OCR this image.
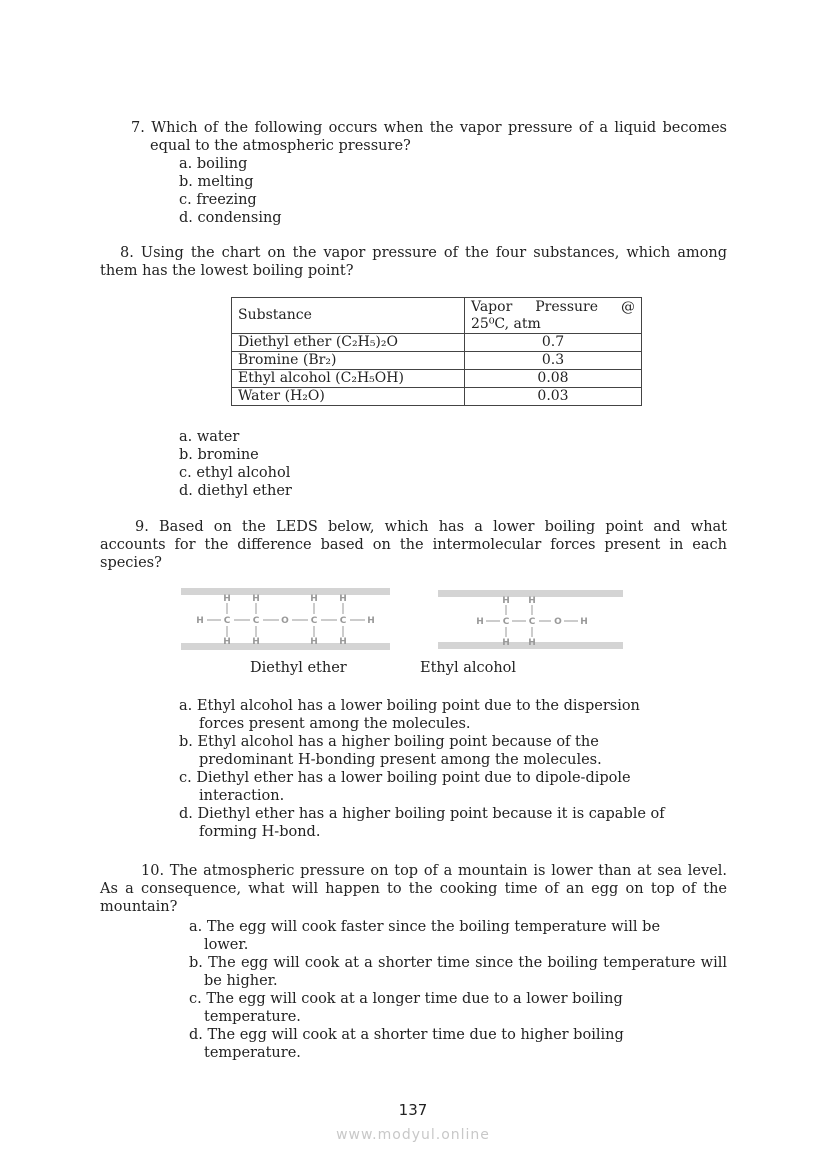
7. Which of the following occurs when the vapor pressure of a liquid becomes
equal to the atmospheric pressure?
a. boiling
b. melting
c. freezing
d. condensing
8. Using the chart on the vapor pressure of the four substances, which among
them has the lowest boiling point?
Substance	Vapor Pressure @
25⁰C, atm

Diethyl ether (C₂H₅)₂O	0.7
Bromine (Br₂)	0.3
Ethyl alcohol (C₂H₅OH)	0.08
Water (H₂O)	0.03
a. water
b. bromine
c. ethyl alcohol
d. diethyl ether
9. Based on the LEDS below, which has a lower boiling point and what
accounts for the difference based on the intermolecular forces present in each
species?
H C C O C C H
H H	H H
H H	H H
H C C O H
H H
H H
Diethyl ether	Ethyl alcohol
a. Ethyl alcohol has a lower boiling point due to the dispersion
forces present among the molecules.
b. Ethyl alcohol has a higher boiling point because of the
predominant H-bonding present among the molecules.
c. Diethyl ether has a lower boiling point due to dipole-dipole
interaction.
d. Diethyl ether has a higher boiling point because it is capable of
forming H-bond.
10. The atmospheric pressure on top of a mountain is lower than at sea level.
As a consequence, what will happen to the cooking time of an egg on top of the
mountain?
a. The egg will cook faster since the boiling temperature will be
lower.
b. The egg will cook at a shorter time since the boiling temperature will
be higher.
c. The egg will cook at a longer time due to a lower boiling
temperature.
d. The egg will cook at a shorter time due to higher boiling
temperature.
137
www.modyul.online
